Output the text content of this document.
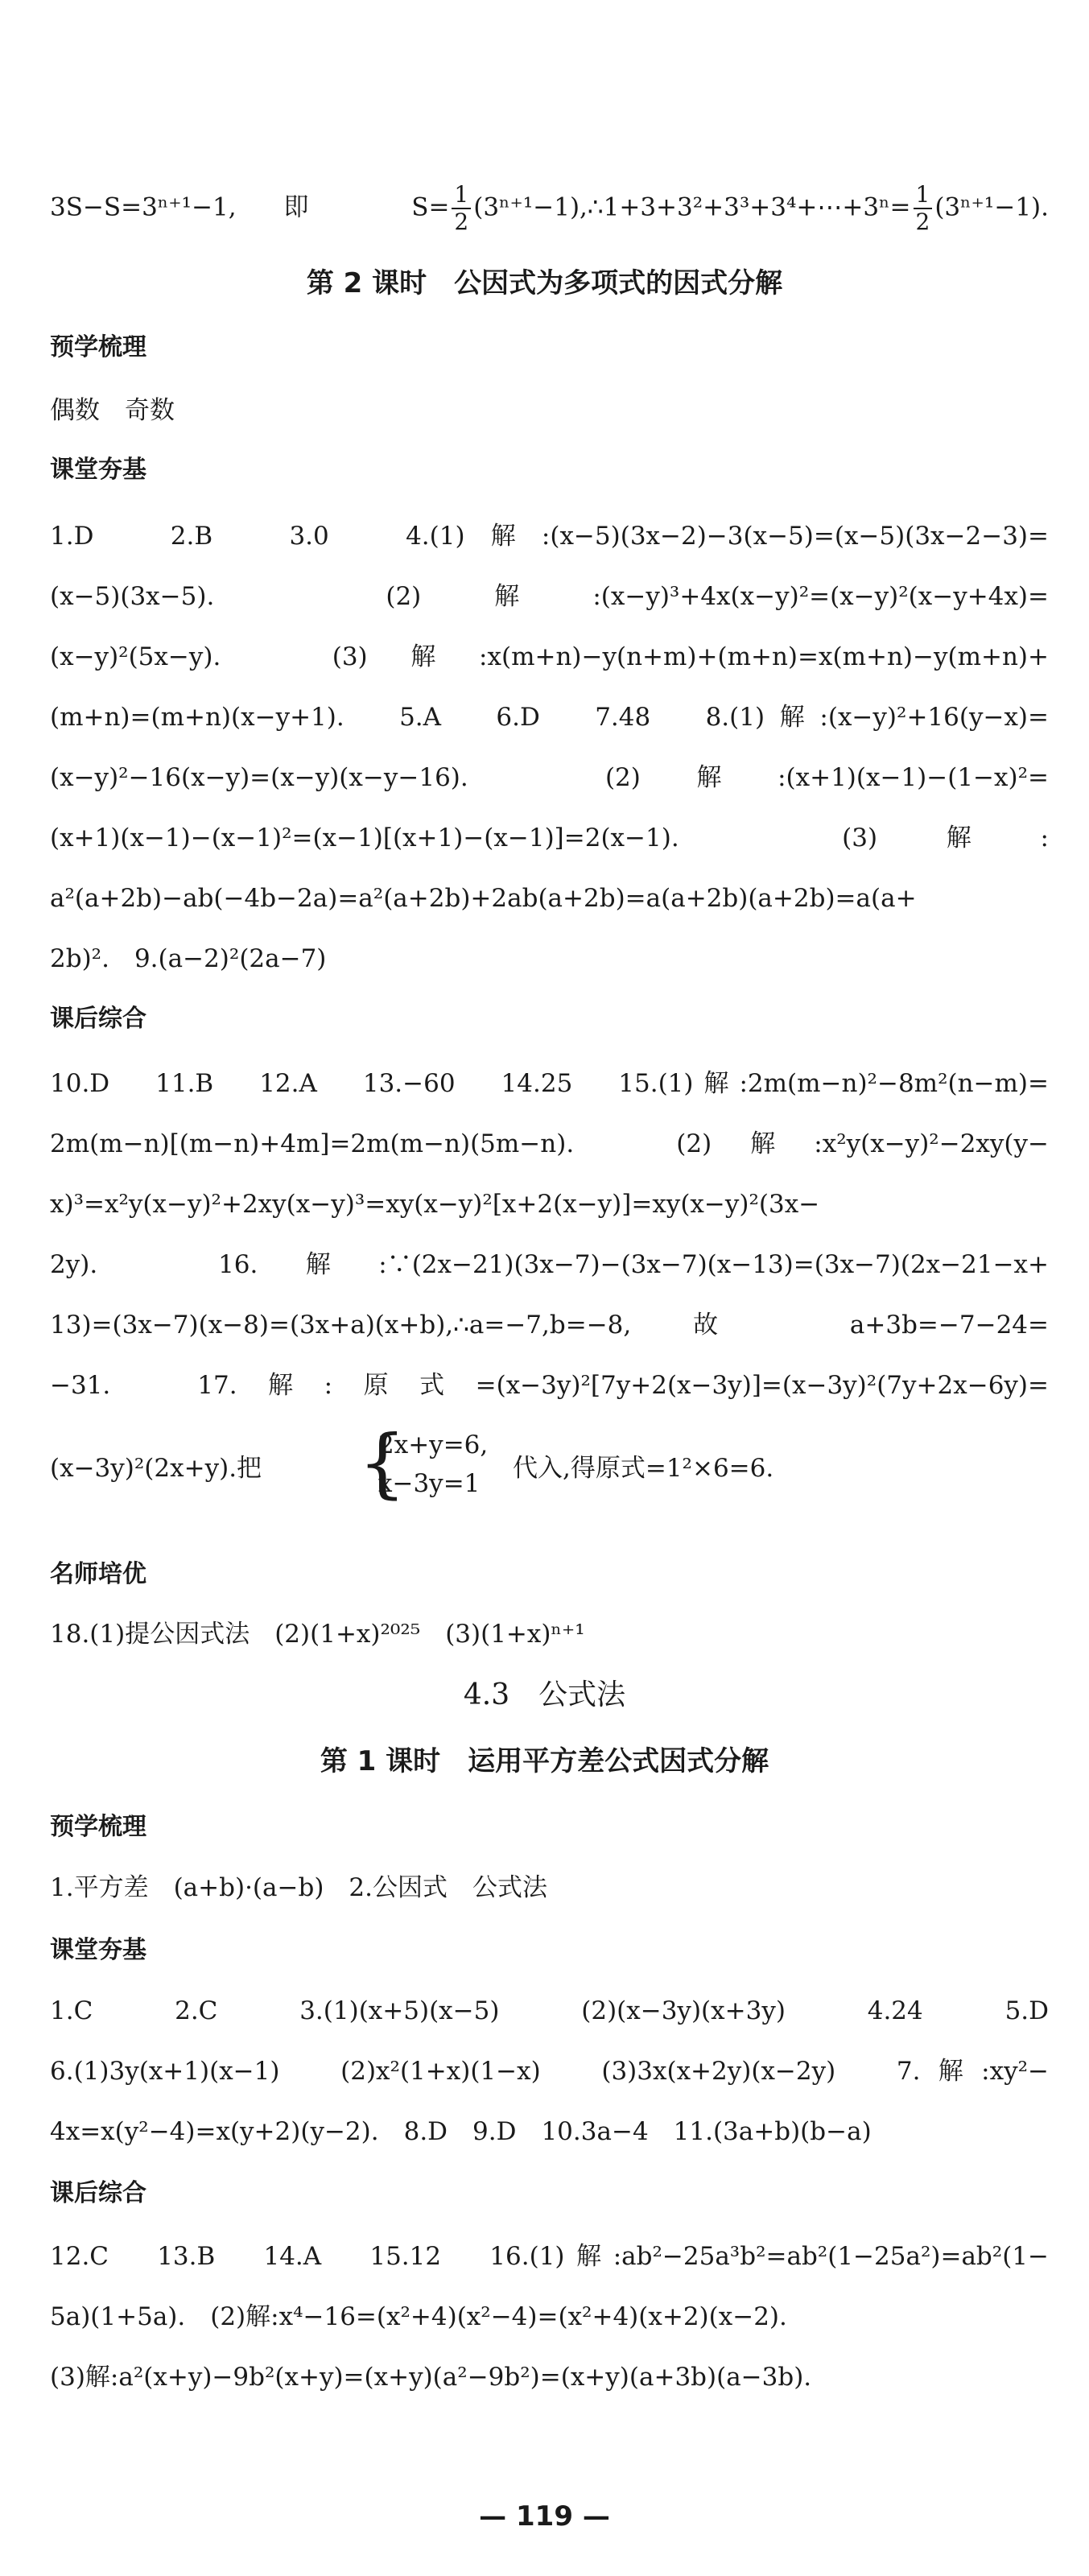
3S−S=3ⁿ⁺¹−1,即 $S= \frac{1}{2}$ (3ⁿ⁺¹−1),∴1+3+3²+3³+3⁴+⋯+3ⁿ= $\frac{1}{2} (3^{n+1}-1)$.
第 2 课时　公因式为多项式的因式分解
预学梳理
偶数　奇数
课堂夯基
1.D　2.B　3.0　4.(1)解:(x−5)(3x−2)−3(x−5)=(x−5)(3x−2−3)=
(x−5)(3x−5).　(2)解:(x−y)³+4x(x−y)²=(x−y)²(x−y+4x)=
(x−y)²(5x−y).　(3)解:x(m+n)−y(n+m)+(m+n)=x(m+n)−y(m+n)+
(m+n)=(m+n)(x−y+1).　5.A　6.D　7.48　8.(1)解:(x−y)²+16(y−x)=
(x−y)²−16(x−y)=(x−y)(x−y−16).　(2)解:(x+1)(x−1)−(1−x)²=
(x+1)(x−1)−(x−1)²=(x−1)[(x+1)−(x−1)]=2(x−1).　(3)解:
a²(a+2b)−ab(−4b−2a)=a²(a+2b)+2ab(a+2b)=a(a+2b)(a+2b)=a(a+
2b)².　9.(a−2)²(2a−7)
课后综合
10.D　11.B　12.A　13.−60　14.25　15.(1)解:2m(m−n)²−8m²(n−m)=
2m(m−n)[(m−n)+4m]=2m(m−n)(5m−n).　(2)解:x²y(x−y)²−2xy(y−
x)³=x²y(x−y)²+2xy(x−y)³=xy(x−y)²[x+2(x−y)]=xy(x−y)²(3x−
2y).　16.解:∵(2x−21)(3x−7)−(3x−7)(x−13)=(3x−7)(2x−21−x+
13)=(3x−7)(x−8)=(3x+a)(x+b),∴a=−7,b=−8,故 a+3b=−7−24=
−31.　17.解:原式=(x−3y)²[7y+2(x−3y)]=(x−3y)²(7y+2x−6y)=
(x−3y)²(2x+y).把 {
2x+y=6,
x−3y=1
代入,得原式=1²×6=6.
名师培优
18.(1)提公因式法　(2)(1+x)²⁰²⁵　(3)(1+x)ⁿ⁺¹
4.3　公式法
第 1 课时　运用平方差公式因式分解
预学梳理
1.平方差　(a+b)·(a−b)　2.公因式　公式法
课堂夯基
1.C　2.C　3.(1)(x+5)(x−5)　(2)(x−3y)(x+3y)　4.24　5.D
6.(1)3y(x+1)(x−1)　(2)x²(1+x)(1−x)　(3)3x(x+2y)(x−2y)　7.解:xy²−
4x=x(y²−4)=x(y+2)(y−2).　8.D　9.D　10.3a−4　11.(3a+b)(b−a)
课后综合
12.C　13.B　14.A　15.12　16.(1)解:ab²−25a³b²=ab²(1−25a²)=ab²(1−
5a)(1+5a).　(2)解:x⁴−16=(x²+4)(x²−4)=(x²+4)(x+2)(x−2).
(3)解:a²(x+y)−9b²(x+y)=(x+y)(a²−9b²)=(x+y)(a+3b)(a−3b).
— 119 —
